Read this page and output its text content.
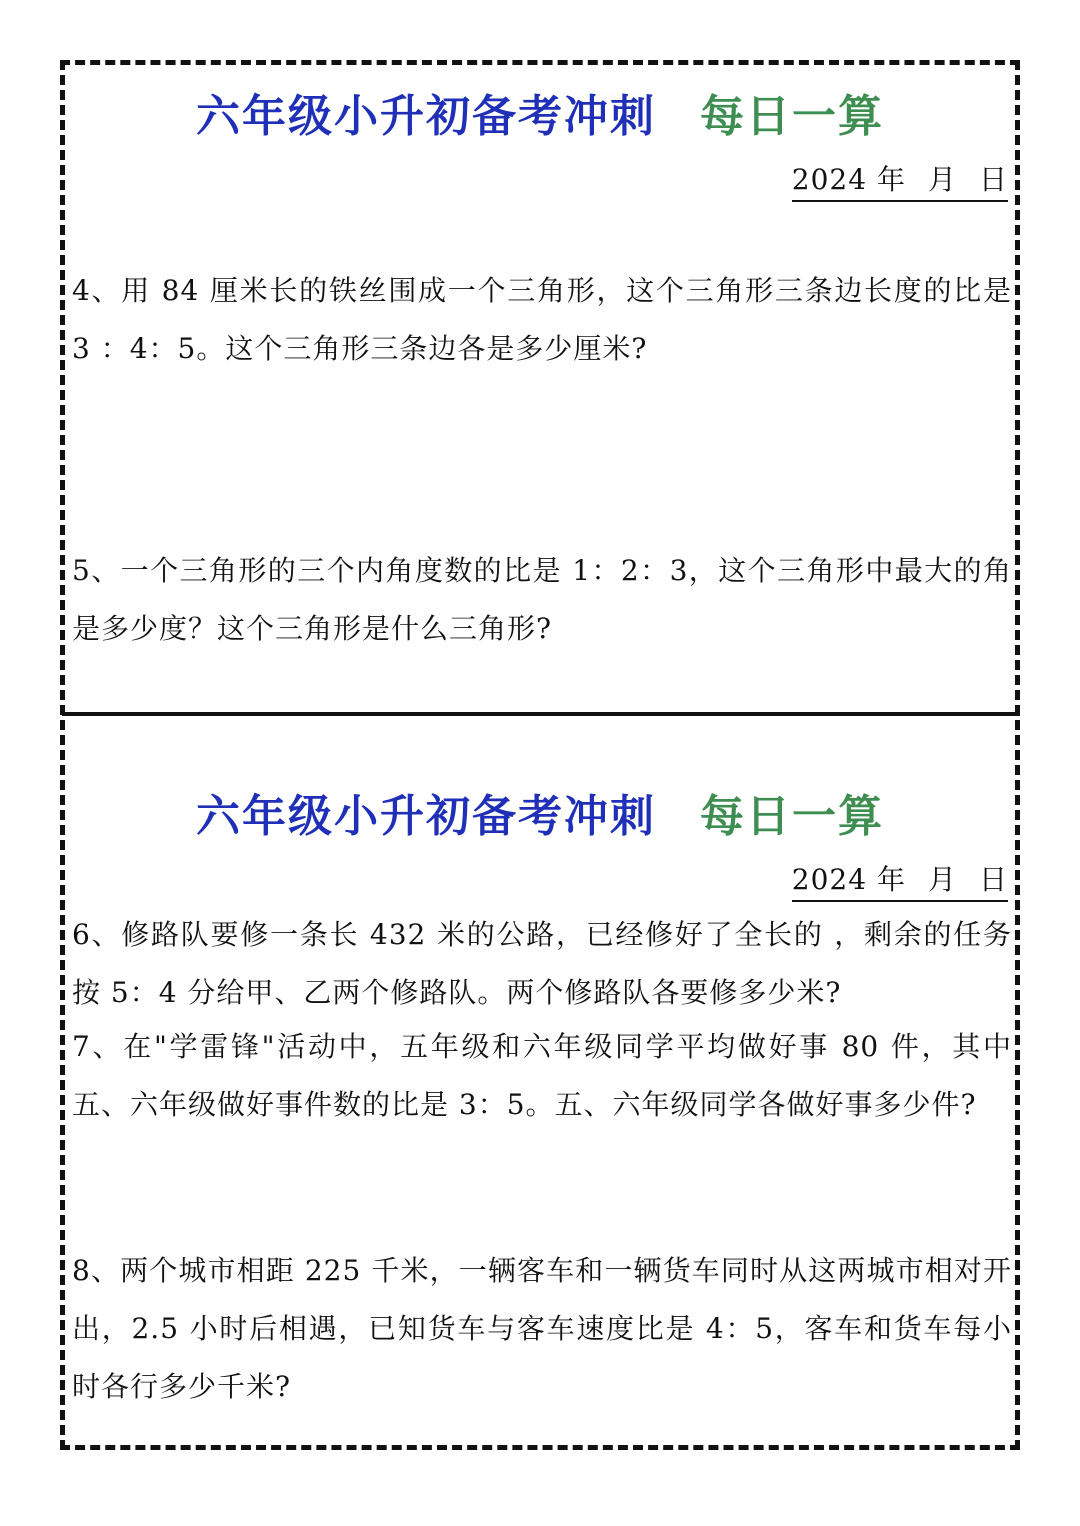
六年级小升初备考冲刺 每日一算
2024 年 月 日
4、用 84 厘米长的铁丝围成一个三角形，这个三角形三条边长度的比是 3 ：4：5。这个三角形三条边各是多少厘米?
5、一个三角形的三个内角度数的比是 1：2：3，这个三角形中最大的角是多少度？这个三角形是什么三角形?
六年级小升初备考冲刺 每日一算
2024 年 月 日
6、修路队要修一条长 432 米的公路，已经修好了全长的 ，剩余的任务按 5：4 分给甲、乙两个修路队。两个修路队各要修多少米?
7、在"学雷锋"活动中，五年级和六年级同学平均做好事 80 件，其中五、六年级做好事件数的比是 3：5。五、六年级同学各做好事多少件?
8、两个城市相距 225 千米，一辆客车和一辆货车同时从这两城市相对开出，2.5 小时后相遇，已知货车与客车速度比是 4：5，客车和货车每小时各行多少千米?
